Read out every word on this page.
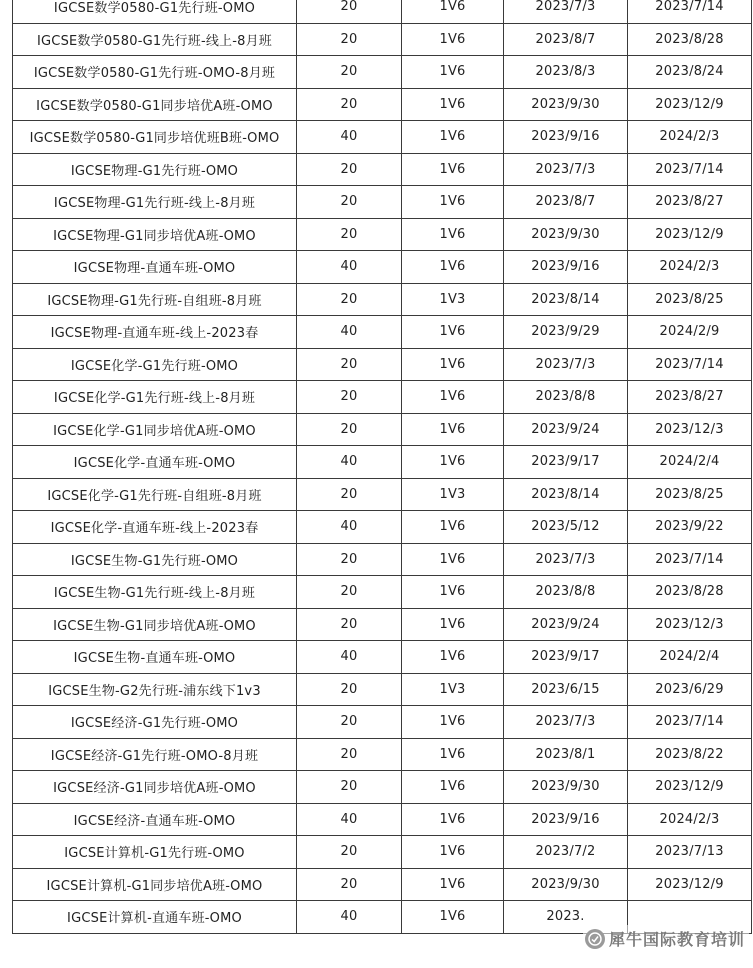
IGCSE数学0580-G1先行班-OMO	20	1V6	2023/7/3	2023/7/14
IGCSE数学0580-G1先行班-线上-8月班	20	1V6	2023/8/7	2023/8/28
IGCSE数学0580-G1先行班-OMO-8月班	20	1V6	2023/8/3	2023/8/24
IGCSE数学0580-G1同步培优A班-OMO	20	1V6	2023/9/30	2023/12/9
IGCSE数学0580-G1同步培优班B班-OMO	40	1V6	2023/9/16	2024/2/3
IGCSE物理-G1先行班-OMO	20	1V6	2023/7/3	2023/7/14
IGCSE物理-G1先行班-线上-8月班	20	1V6	2023/8/7	2023/8/27
IGCSE物理-G1同步培优A班-OMO	20	1V6	2023/9/30	2023/12/9
IGCSE物理-直通车班-OMO	40	1V6	2023/9/16	2024/2/3
IGCSE物理-G1先行班-自组班-8月班	20	1V3	2023/8/14	2023/8/25
IGCSE物理-直通车班-线上-2023春	40	1V6	2023/9/29	2024/2/9
IGCSE化学-G1先行班-OMO	20	1V6	2023/7/3	2023/7/14
IGCSE化学-G1先行班-线上-8月班	20	1V6	2023/8/8	2023/8/27
IGCSE化学-G1同步培优A班-OMO	20	1V6	2023/9/24	2023/12/3
IGCSE化学-直通车班-OMO	40	1V6	2023/9/17	2024/2/4
IGCSE化学-G1先行班-自组班-8月班	20	1V3	2023/8/14	2023/8/25
IGCSE化学-直通车班-线上-2023春	40	1V6	2023/5/12	2023/9/22
IGCSE生物-G1先行班-OMO	20	1V6	2023/7/3	2023/7/14
IGCSE生物-G1先行班-线上-8月班	20	1V6	2023/8/8	2023/8/28
IGCSE生物-G1同步培优A班-OMO	20	1V6	2023/9/24	2023/12/3
IGCSE生物-直通车班-OMO	40	1V6	2023/9/17	2024/2/4
IGCSE生物-G2先行班-浦东线下1v3	20	1V3	2023/6/15	2023/6/29
IGCSE经济-G1先行班-OMO	20	1V6	2023/7/3	2023/7/14
IGCSE经济-G1先行班-OMO-8月班	20	1V6	2023/8/1	2023/8/22
IGCSE经济-G1同步培优A班-OMO	20	1V6	2023/9/30	2023/12/9
IGCSE经济-直通车班-OMO	40	1V6	2023/9/16	2024/2/3
IGCSE计算机-G1先行班-OMO	20	1V6	2023/7/2	2023/7/13
IGCSE计算机-G1同步培优A班-OMO	20	1V6	2023/9/30	2023/12/9
IGCSE计算机-直通车班-OMO	40	1V6	2023.	
犀牛国际教育培训
